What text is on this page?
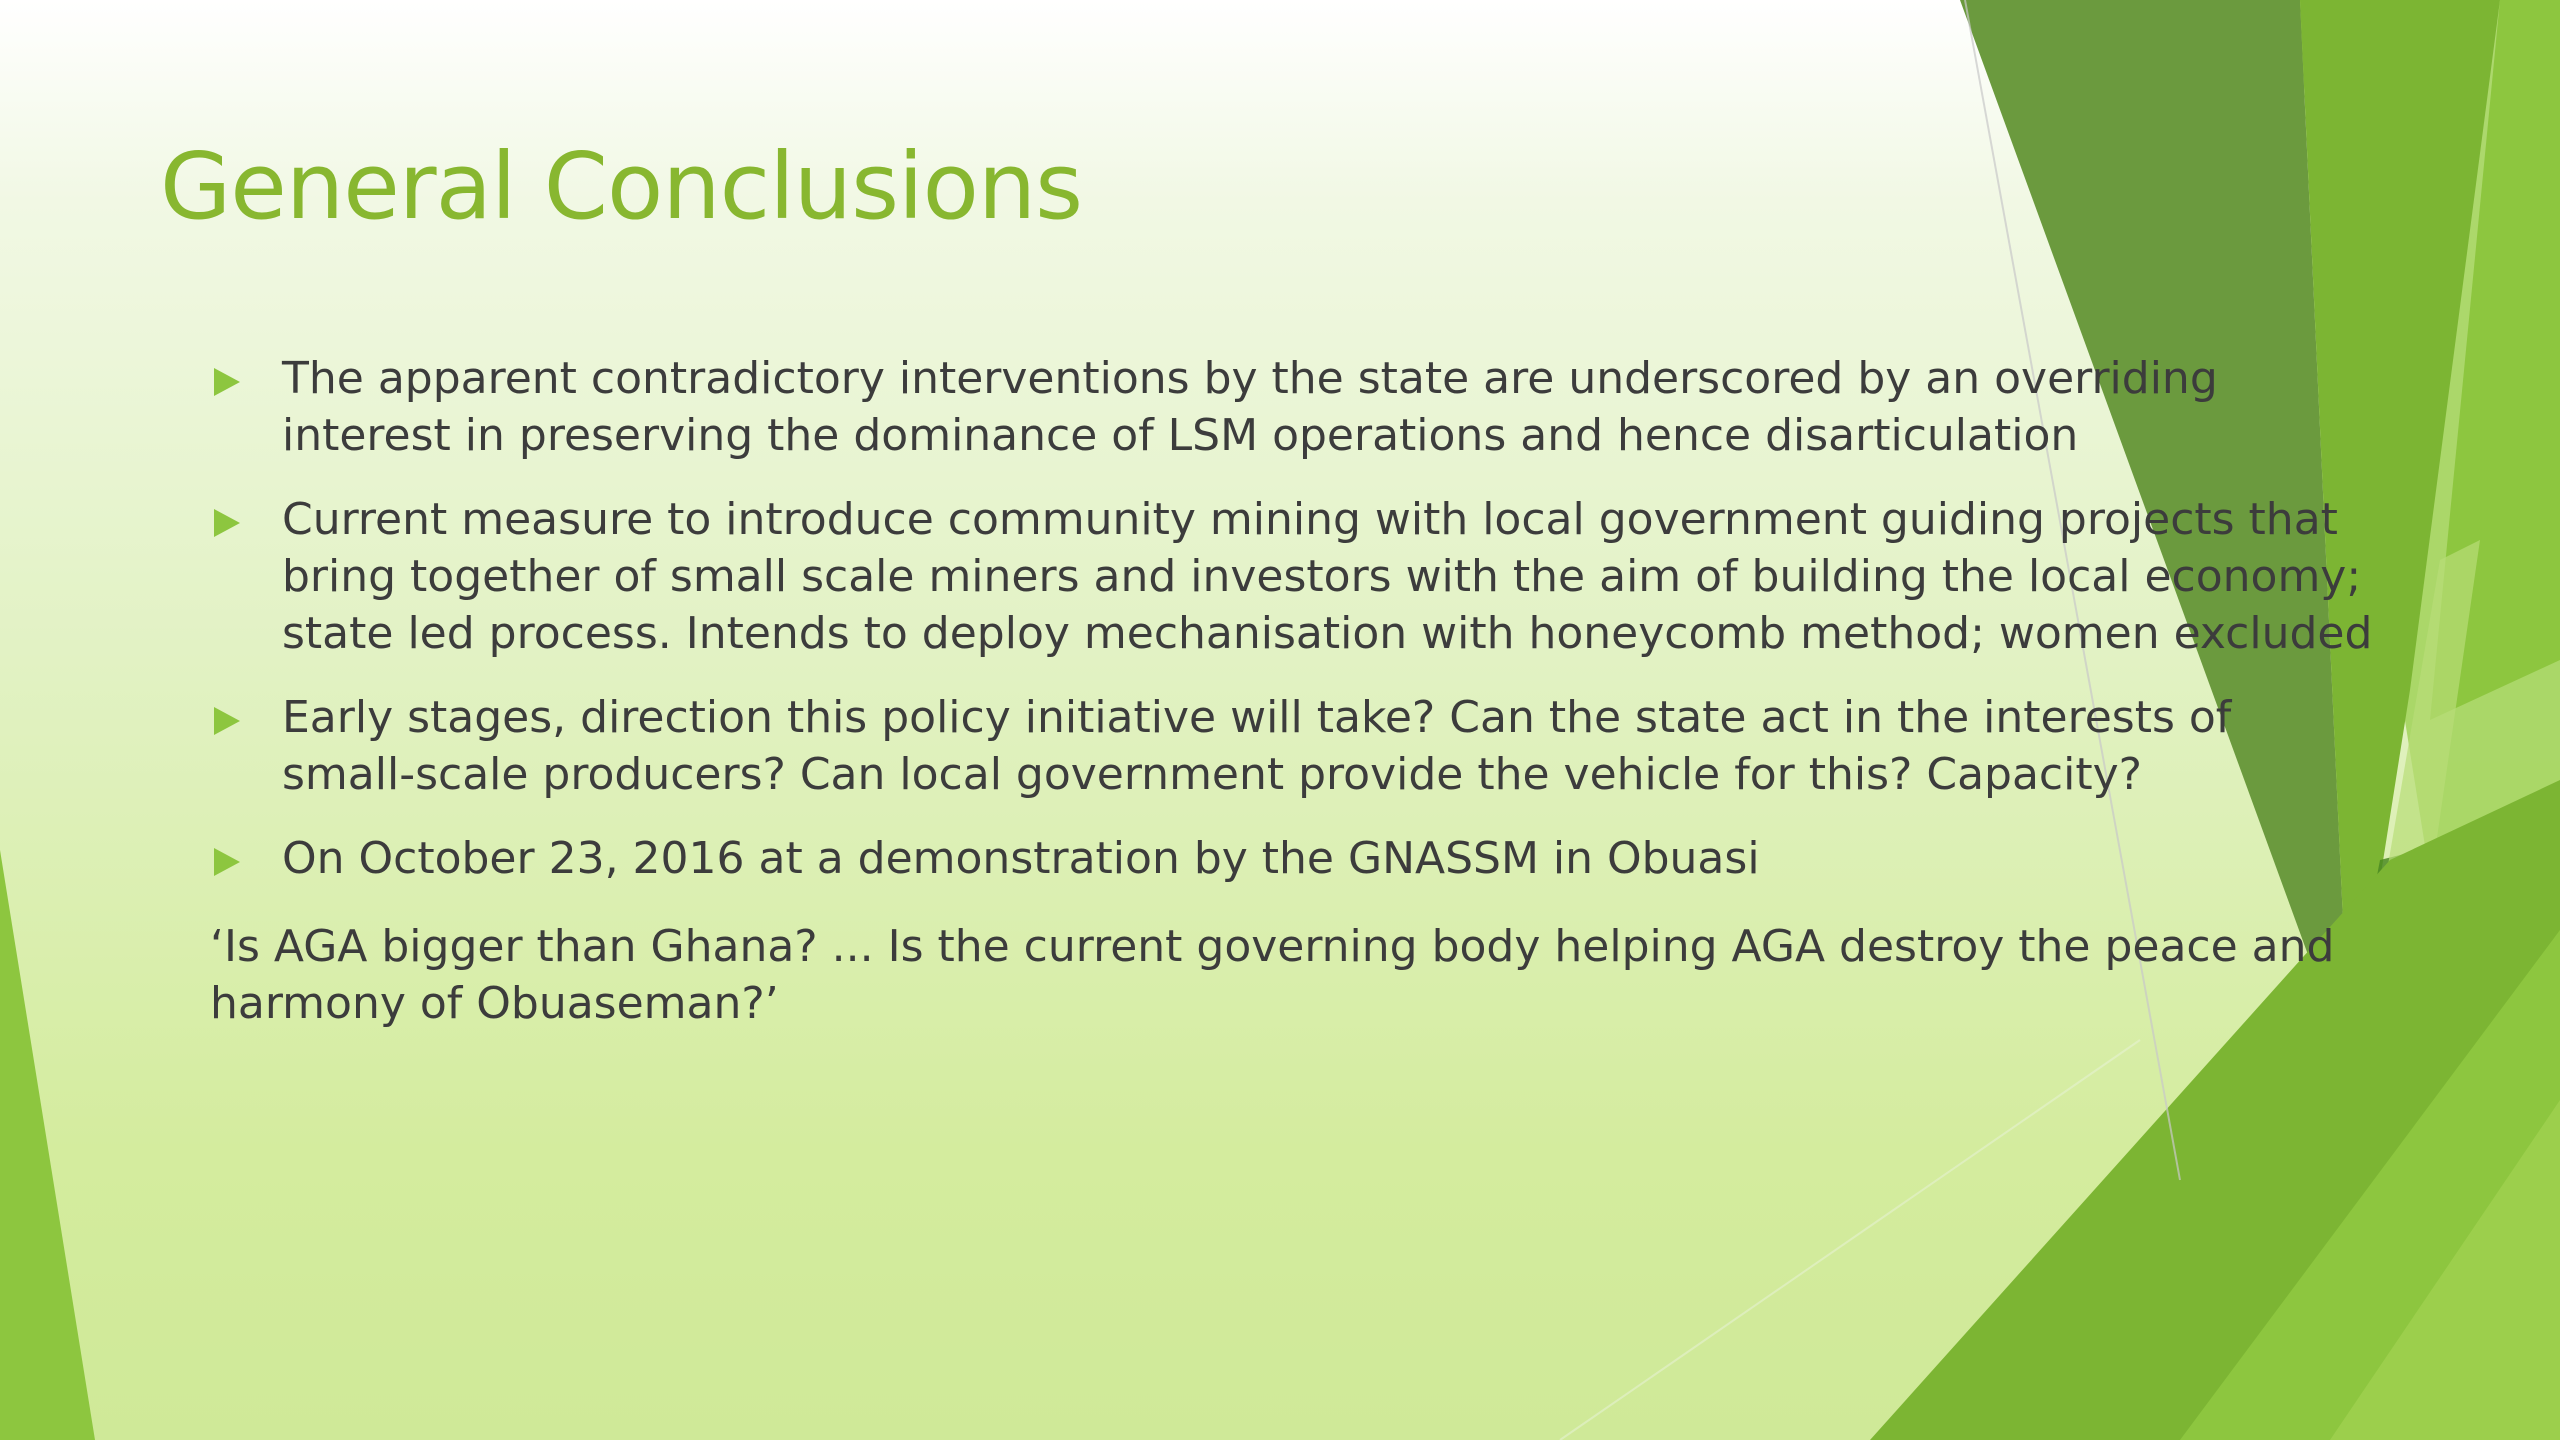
General Conclusions
The apparent contradictory interventions by the state are underscored by an overriding
interest in preserving the dominance of LSM operations and hence disarticulation
Current measure to introduce community mining with local government guiding projects that
bring together of small scale miners and investors with the aim of building the local economy;
state led process. Intends to deploy mechanisation with honeycomb method; women excluded
Early stages, direction this policy initiative will take? Can the state act in the interests of
small-scale producers? Can local government provide the vehicle for this? Capacity?
On October 23, 2016 at a demonstration by the GNASSM in Obuasi

‘Is AGA bigger than Ghana? ... Is the current governing body helping AGA destroy the peace and
harmony of Obuaseman?’
